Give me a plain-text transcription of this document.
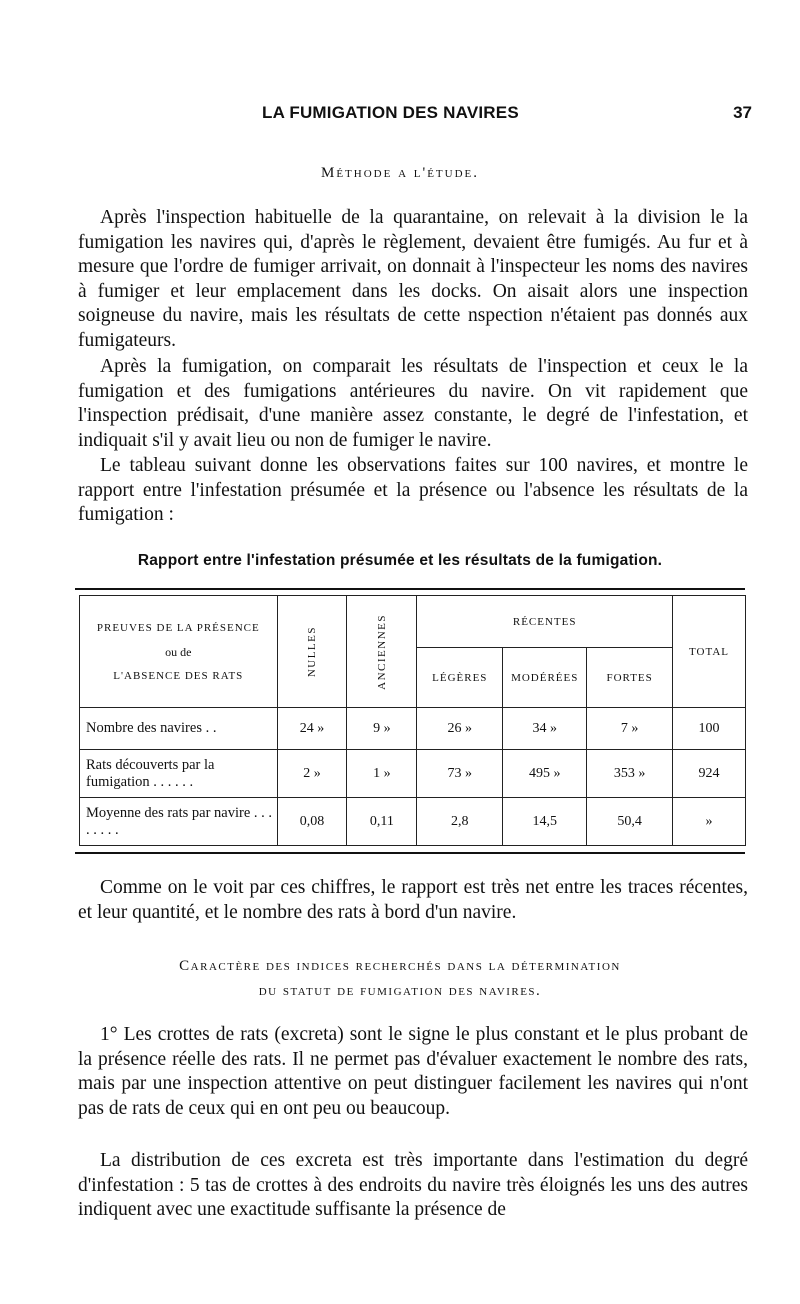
LA FUMIGATION DES NAVIRES	37
Méthode a l'étude.

Après l'inspection habituelle de la quarantaine, on relevait à la division le la fumigation les navires qui, d'après le règlement, devaient être fumigés. Au fur et à mesure que l'ordre de fumiger arrivait, on donnait à l'inspecteur les noms des navires à fumiger et leur emplacement dans les docks. On aisait alors une inspection soigneuse du navire, mais les résultats de cette nspection n'étaient pas donnés aux fumigateurs.

Après la fumigation, on comparait les résultats de l'inspection et ceux le la fumigation et des fumigations antérieures du navire. On vit rapidement que l'inspection prédisait, d'une manière assez constante, le degré de l'infestation, et indiquait s'il y avait lieu ou non de fumiger le navire.

Le tableau suivant donne les observations faites sur 100 navires, et montre le rapport entre l'infestation présumée et la présence ou l'absence les résultats de la fumigation :

Rapport entre l'infestation présumée et les résultats de la fumigation.
PREUVES DE LA PRÉSENCE
ou de
L'ABSENCE DES RATS	NULLES	ANCIENNES	RÉCENTES			TOTAL
			LÉGÈRES	MODÉRÉES	FORTES	
Nombre des navires . .	24 »	9 »	26 »	34 »	7 »	100
Rats découverts par la fumigation . . . . . .	2 »	1 »	73 »	495 »	353 »	924
Moyenne des rats par navire . . . . . . . .	0,08	0,11	2,8	14,5	50,4	»

Comme on le voit par ces chiffres, le rapport est très net entre les traces récentes, et leur quantité, et le nombre des rats à bord d'un navire.

Caractère des indices recherchés dans la détermination
du statut de fumigation des navires.

1° Les crottes de rats (excreta) sont le signe le plus constant et le plus probant de la présence réelle des rats. Il ne permet pas d'évaluer exactement le nombre des rats, mais par une inspection attentive on peut distinguer facilement les navires qui n'ont pas de rats de ceux qui en ont peu ou beaucoup.

La distribution de ces excreta est très importante dans l'estimation du degré d'infestation : 5 tas de crottes à des endroits du navire très éloignés les uns des autres indiquent avec une exactitude suffisante la présence de
